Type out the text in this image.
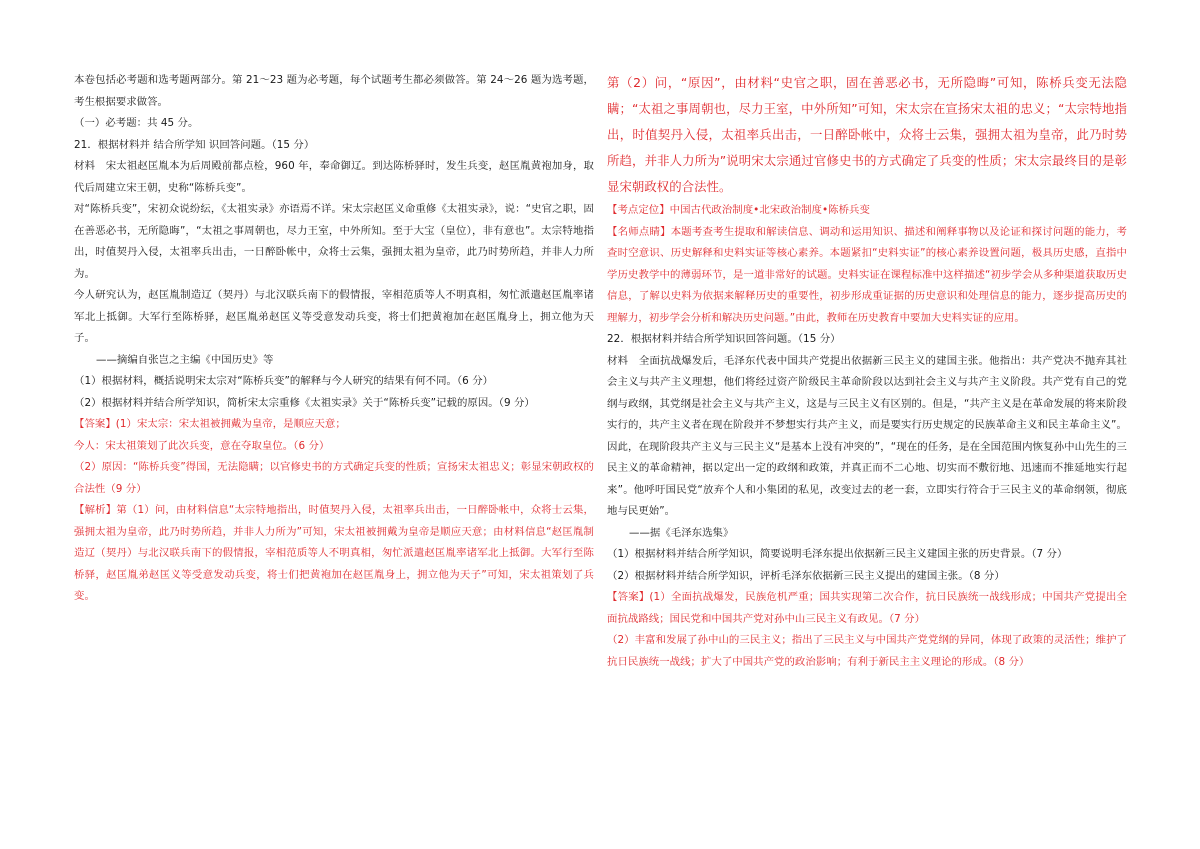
本卷包括必考题和选考题两部分。第 21～23 题为必考题，每个试题考生都必须做答。第 24～26 题为选考题，考生根据要求做答。

（一）必考题：共 45 分。

21．根据材料并 结合所学知 识回答问题。（15 分）

材料　宋太祖赵匡胤本为后周殿前都点检，960 年，奉命御辽。到达陈桥驿时，发生兵变，赵匡胤黄袍加身，取代后周建立宋王朝，史称“陈桥兵变”。

对“陈桥兵变”，宋初众说纷纭，《太祖实录》亦语焉不详。宋太宗赵匡义命重修《太祖实录》，说：“史官之职，固在善恶必书，无所隐晦”，“太祖之事周朝也，尽力王室，中外所知。至于大宝（皇位），非有意也”。太宗特地指出，时值契丹入侵，太祖率兵出击，一日醉卧帐中，众将士云集，强拥太祖为皇帝，此乃时势所趋，并非人力所为。

今人研究认为，赵匡胤制造辽（契丹）与北汉联兵南下的假情报，宰相范质等人不明真相，匆忙派遣赵匡胤率诸军北上抵御。大军行至陈桥驿，赵匡胤弟赵匡义等受意发动兵变，将士们把黄袍加在赵匡胤身上，拥立他为天子。

——摘编自张岂之主编《中国历史》等

（1）根据材料，概括说明宋太宗对“陈桥兵变”的解释与今人研究的结果有何不同。（6 分）

（2）根据材料并结合所学知识，简析宋太宗重修《太祖实录》关于“陈桥兵变”记载的原因。（9 分）

【答案】(1）宋太宗：宋太祖被拥戴为皇帝，是顺应天意；

今人：宋太祖策划了此次兵变，意在夺取皇位。（6 分）

（2）原因：“陈桥兵变”得国，无法隐瞒；以官修史书的方式确定兵变的性质；宣扬宋太祖忠义；彰显宋朝政权的合法性（9 分）

【解析】第（1）问，由材料信息“太宗特地指出，时值契丹入侵，太祖率兵出击，一日醉卧帐中，众将士云集，强拥太祖为皇帝，此乃时势所趋，并非人力所为”可知，宋太祖被拥戴为皇帝是顺应天意；由材料信息“赵匡胤制造辽（契丹）与北汉联兵南下的假情报，宰相范质等人不明真相，匆忙派遣赵匡胤率诸军北上抵御。大军行至陈桥驿，赵匡胤弟赵匡义等受意发动兵变，将士们把黄袍加在赵匡胤身上，拥立他为天子”可知，宋太祖策划了兵变。

第（2）问，“原因”，由材料“史官之职，固在善恶必书，无所隐晦”可知，陈桥兵变无法隐瞒；“太祖之事周朝也，尽力王室，中外所知”可知，宋太宗在宣扬宋太祖的忠义；“太宗特地指出，时值契丹入侵，太祖率兵出击，一日醉卧帐中，众将士云集，强拥太祖为皇帝，此乃时势所趋，并非人力所为”说明宋太宗通过官修史书的方式确定了兵变的性质；宋太宗最终目的是彰显宋朝政权的合法性。

【考点定位】中国古代政治制度•北宋政治制度•陈桥兵变

【名师点睛】本题考查考生提取和解读信息、调动和运用知识、描述和阐释事物以及论证和探讨问题的能力，考查时空意识、历史解释和史料实证等核心素养。本题紧扣“史料实证”的核心素养设置问题，极具历史感，直指中学历史教学中的薄弱环节，是一道非常好的试题。史料实证在课程标准中这样描述“初步学会从多种渠道获取历史信息，了解以史料为依据来解释历史的重要性，初步形成重证据的历史意识和处理信息的能力，逐步提高历史的理解力，初步学会分析和解决历史问题。”由此，教师在历史教育中要加大史料实证的应用。

22．根据材料并结合所学知识回答问题。（15 分）

材料　全面抗战爆发后，毛泽东代表中国共产党提出依据新三民主义的建国主张。他指出：共产党决不抛弃其社会主义与共产主义理想，他们将经过资产阶级民主革命阶段以达到社会主义与共产主义阶段。共产党有自己的党纲与政纲，其党纲是社会主义与共产主义，这是与三民主义有区别的。但是，“共产主义是在革命发展的将来阶段实行的，共产主义者在现在阶段并不梦想实行共产主义，而是要实行历史规定的民族革命主义和民主革命主义”。因此，在现阶段共产主义与三民主义“是基本上没有冲突的”，“现在的任务，是在全国范围内恢复孙中山先生的三民主义的革命精神，据以定出一定的政纲和政策，并真正而不二心地、切实而不敷衍地、迅速而不推延地实行起来”。他呼吁国民党“放弃个人和小集团的私见，改变过去的老一套，立即实行符合于三民主义的革命纲领，彻底地与民更始”。

——据《毛泽东选集》

（1）根据材料并结合所学知识，简要说明毛泽东提出依据新三民主义建国主张的历史背景。（7 分）

（2）根据材料并结合所学知识，评析毛泽东依据新三民主义提出的建国主张。（8 分）

【答案】(1）全面抗战爆发，民族危机严重；国共实现第二次合作，抗日民族统一战线形成；中国共产党提出全面抗战路线；国民党和中国共产党对孙中山三民主义有政见。（7 分）

（2）丰富和发展了孙中山的三民主义；指出了三民主义与中国共产党党纲的异同，体现了政策的灵活性；维护了抗日民族统一战线；扩大了中国共产党的政治影响；有利于新民主主义理论的形成。（8 分）
